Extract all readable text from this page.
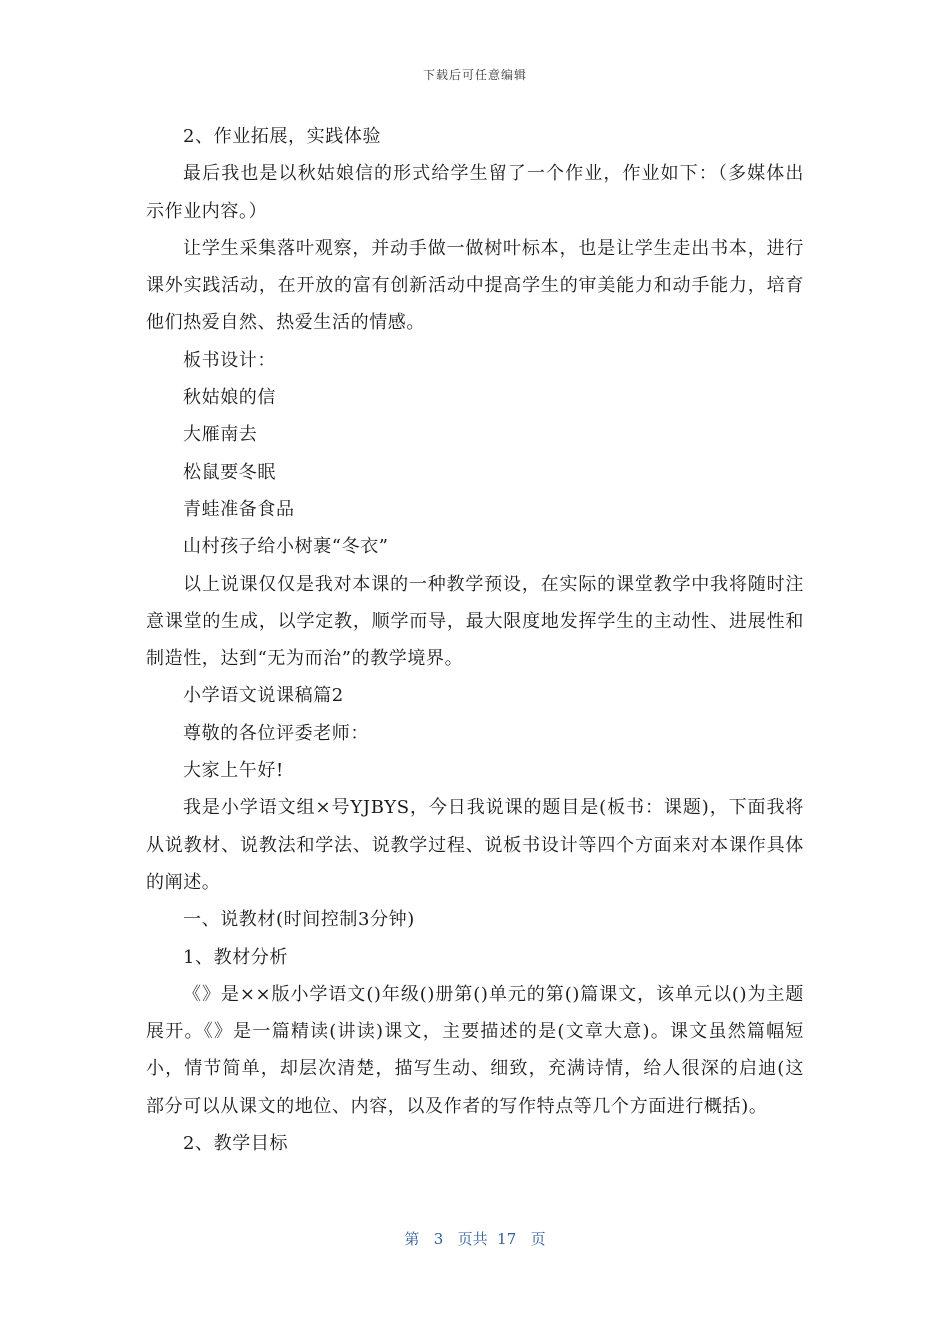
下载后可任意编辑

2、作业拓展，实践体验

最后我也是以秋姑娘信的形式给学生留了一个作业，作业如下：（多媒体出示作业内容。）

让学生采集落叶观察，并动手做一做树叶标本，也是让学生走出书本，进行课外实践活动，在开放的富有创新活动中提高学生的审美能力和动手能力，培育他们热爱自然、热爱生活的情感。

板书设计：

秋姑娘的信

大雁南去

松鼠要冬眠

青蛙准备食品

山村孩子给小树裹“冬衣”

以上说课仅仅是我对本课的一种教学预设，在实际的课堂教学中我将随时注意课堂的生成，以学定教，顺学而导，最大限度地发挥学生的主动性、进展性和制造性，达到“无为而治”的教学境界。

小学语文说课稿篇2

尊敬的各位评委老师：

大家上午好!

我是小学语文组×号YJBYS，今日我说课的题目是(板书：课题)，下面我将从说教材、说教法和学法、说教学过程、说板书设计等四个方面来对本课作具体的阐述。

一、说教材(时间控制3分钟)

1、教材分析

《》是××版小学语文()年级()册第()单元的第()篇课文，该单元以()为主题展开。《》是一篇精读(讲读)课文，主要描述的是(文章大意)。课文虽然篇幅短小，情节简单，却层次清楚，描写生动、细致，充满诗情，给人很深的启迪(这部分可以从课文的地位、内容，以及作者的写作特点等几个方面进行概括)。

2、教学目标

第 3 页共 17 页
